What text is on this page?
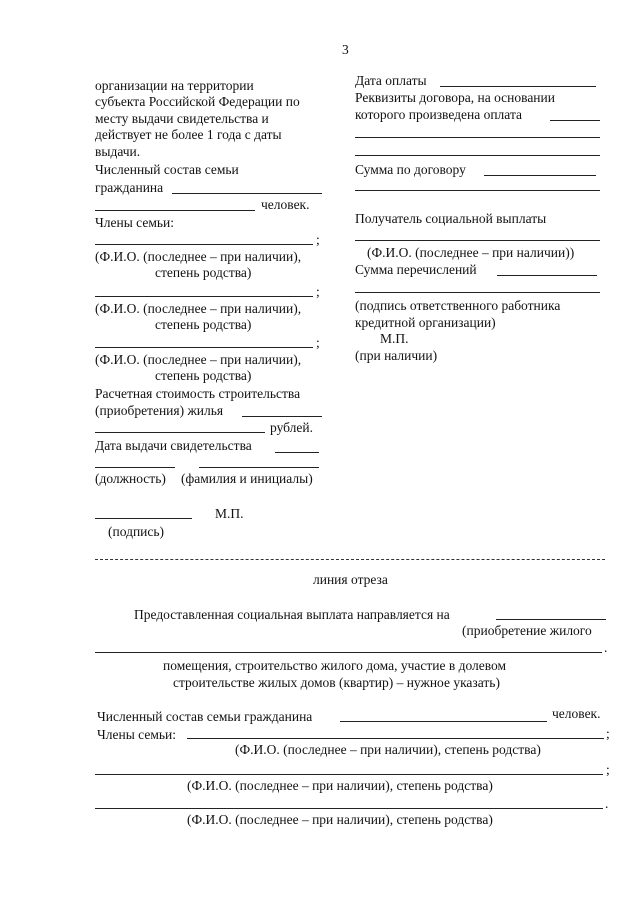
3
организации на территории
субъекта Российской Федерации по
месту выдачи свидетельства и
действует не более 1 года с даты
выдачи.
Численный состав семьи
гражданина
человек.
Члены семьи:
;
(Ф.И.О. (последнее – при наличии),
степень родства)
;
(Ф.И.О. (последнее – при наличии),
степень родства)
;
(Ф.И.О. (последнее – при наличии),
степень родства)
Расчетная стоимость строительства
(приобретения) жилья
рублей.
Дата выдачи свидетельства
(должность) (фамилия и инициалы)
М.П.
(подпись)
Дата оплаты
Реквизиты договора, на основании
которого произведена оплата
Сумма по договору
Получатель социальной выплаты
(Ф.И.О. (последнее – при наличии))
Сумма перечислений
(подпись ответственного работника
кредитной организации)
М.П.
(при наличии)
линия отреза
Предоставленная социальная выплата направляется на
(приобретение жилого
.
помещения, строительство жилого дома, участие в долевом
строительстве жилых домов (квартир) – нужное указать)
Численный состав семьи гражданина	человек.
Члены семьи:	;
(Ф.И.О. (последнее – при наличии), степень родства)
;
(Ф.И.О. (последнее – при наличии), степень родства)
.
(Ф.И.О. (последнее – при наличии), степень родства)
